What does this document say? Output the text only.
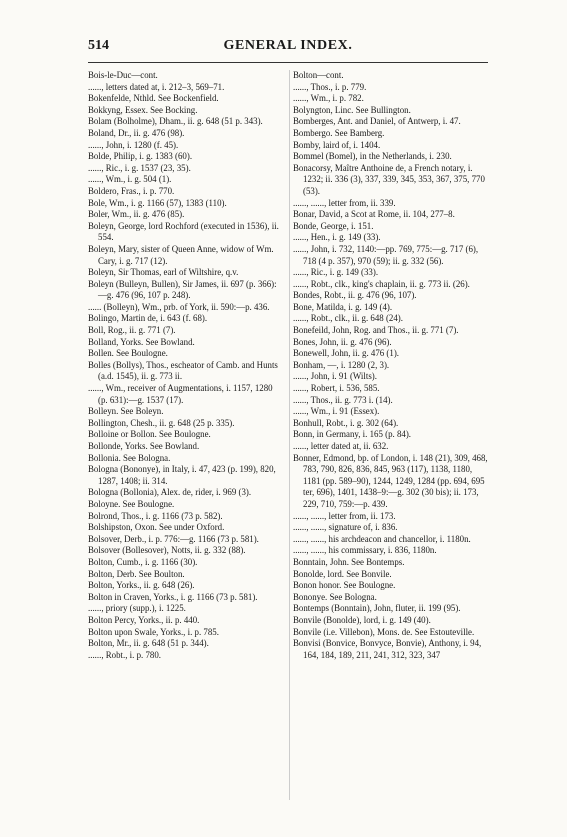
514	GENERAL INDEX.

Bois-le-Duc—cont.

......, letters dated at, i. 212–3, 569–71.

Bokenfelde, Nthld. See Bockenfield.

Bokkyng, Essex. See Bocking.

Bolam (Bolholme), Dham., ii. g. 648 (51 p. 343).

Boland, Dr., ii. g. 476 (98).

......, John, i. 1280 (f. 45).

Bolde, Philip, i. g. 1383 (60).

......, Ric., i. g. 1537 (23, 35).

......, Wm., i. g. 504 (1).

Boldero, Fras., i. p. 770.

Bole, Wm., i. g. 1166 (57), 1383 (110).

Boler, Wm., ii. g. 476 (85).

Boleyn, George, lord Rochford (executed in 1536), ii. 554.

Boleyn, Mary, sister of Queen Anne, widow of Wm. Cary, i. g. 717 (12).

Boleyn, Sir Thomas, earl of Wiltshire, q.v.

Boleyn (Bulleyn, Bullen), Sir James, ii. 697 (p. 366):—g. 476 (96, 107 p. 248).

...... (Bolleyn), Wm., prb. of York, ii. 590:—p. 436.

Bolingo, Martin de, i. 643 (f. 68).

Boll, Rog., ii. g. 771 (7).

Bolland, Yorks. See Bowland.

Bollen. See Boulogne.

Bolles (Bollys), Thos., escheator of Camb. and Hunts (a.d. 1545), ii. g. 773 ii.

......, Wm., receiver of Augmentations, i. 1157, 1280 (p. 631):—g. 1537 (17).

Bolleyn. See Boleyn.

Bollington, Chesh., ii. g. 648 (25 p. 335).

Bolloine or Bollon. See Boulogne.

Bollonde, Yorks. See Bowland.

Bollonia. See Bologna.

Bologna (Bononye), in Italy, i. 47, 423 (p. 199), 820, 1287, 1408; ii. 314.

Bologna (Bollonia), Alex. de, rider, i. 969 (3).

Boloyne. See Boulogne.

Bolrond, Thos., i. g. 1166 (73 p. 582).

Bolshipston, Oxon. See under Oxford.

Bolsover, Derb., i. p. 776:—g. 1166 (73 p. 581).

Bolsover (Bollesover), Notts, ii. g. 332 (88).

Bolton, Cumb., i. g. 1166 (30).

Bolton, Derb. See Boulton.

Bolton, Yorks., ii. g. 648 (26).

Bolton in Craven, Yorks., i. g. 1166 (73 p. 581).

......, priory (supp.), i. 1225.

Bolton Percy, Yorks., ii. p. 440.

Bolton upon Swale, Yorks., i. p. 785.

Bolton, Mr., ii. g. 648 (51 p. 344).

......, Robt., i. p. 780.

Bolton—cont.

......, Thos., i. p. 779.

......, Wm., i. p. 782.

Bolyngton, Linc. See Bullington.

Bomberges, Ant. and Daniel, of Antwerp, i. 47.

Bombergo. See Bamberg.

Bomby, laird of, i. 1404.

Bommel (Bomel), in the Netherlands, i. 230.

Bonacorsy, Maître Anthoine de, a French notary, i. 1232; ii. 336 (3), 337, 339, 345, 353, 367, 375, 770 (53).

......, ......, letter from, ii. 339.

Bonar, David, a Scot at Rome, ii. 104, 277–8.

Bonde, George, i. 151.

......, Hen., i. g. 149 (33).

......, John, i. 732, 1140:—pp. 769, 775:—g. 717 (6), 718 (4 p. 357), 970 (59); ii. g. 332 (56).

......, Ric., i. g. 149 (33).

......, Robt., clk., king's chaplain, ii. g. 773 ii. (26).

Bondes, Robt., ii. g. 476 (96, 107).

Bone, Matilda, i. g. 149 (4).

......, Robt., clk., ii. g. 648 (24).

Bonefeild, John, Rog. and Thos., ii. g. 771 (7).

Bones, John, ii. g. 476 (96).

Bonewell, John, ii. g. 476 (1).

Bonham, —, i. 1280 (2, 3).

......, John, i. 91 (Wilts).

......, Robert, i. 536, 585.

......, Thos., ii. g. 773 i. (14).

......, Wm., i. 91 (Essex).

Bonhull, Robt., i. g. 302 (64).

Bonn, in Germany, i. 165 (p. 84).

......, letter dated at, ii. 632.

Bonner, Edmond, bp. of London, i. 148 (21), 309, 468, 783, 790, 826, 836, 845, 963 (117), 1138, 1180, 1181 (pp. 589–90), 1244, 1249, 1284 (pp. 694, 695 ter, 696), 1401, 1438–9:—g. 302 (30 bis); ii. 173, 229, 710, 759:—p. 439.

......, ......, letter from, ii. 173.

......, ......, signature of, i. 836.

......, ......, his archdeacon and chancellor, i. 1180n.

......, ......, his commissary, i. 836, 1180n.

Bonntain, John. See Bontemps.

Bonolde, lord. See Bonvile.

Bonon honor. See Boulogne.

Bononye. See Bologna.

Bontemps (Bonntain), John, fluter, ii. 199 (95).

Bonvile (Bonolde), lord, i. g. 149 (40).

Bonvile (i.e. Villebon), Mons. de. See Estouteville.

Bonvisi (Bonvice, Bonvyce, Bonvie), Anthony, i. 94, 164, 184, 189, 211, 241, 312, 323, 347
